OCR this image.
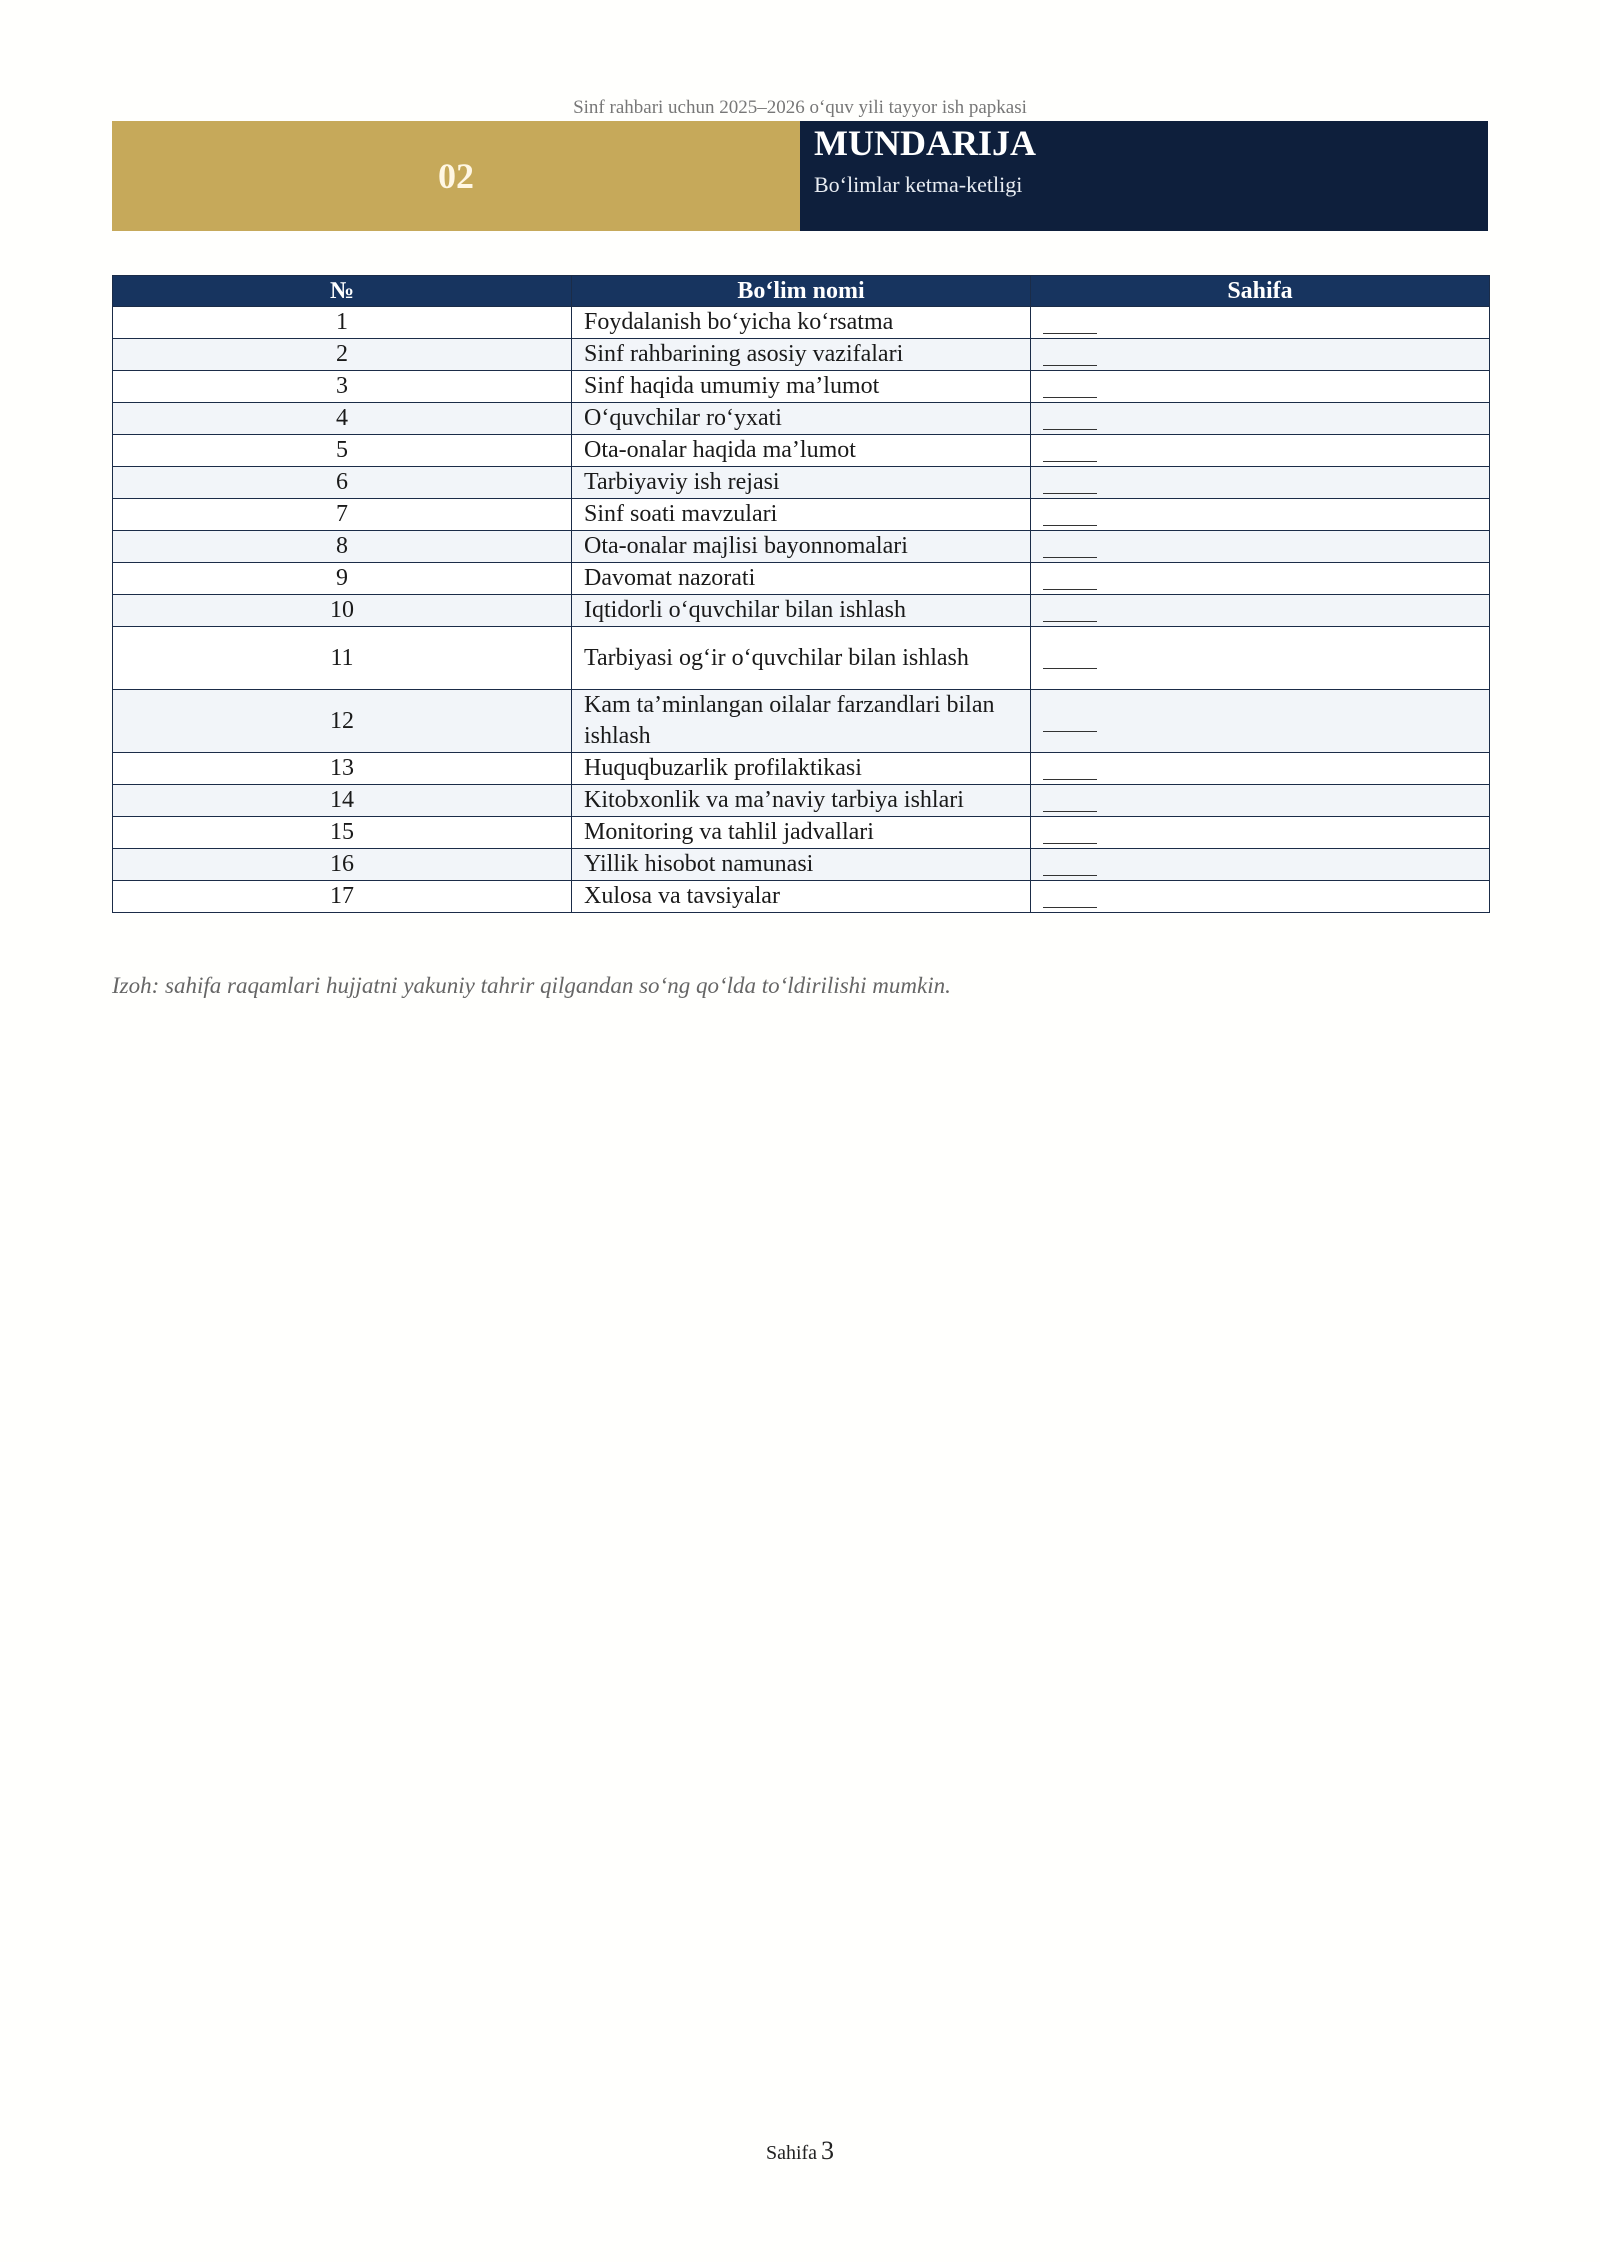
Sinf rahbari uchun 2025–2026 o‘quv yili tayyor ish papkasi
02
MUNDARIJA
Bo‘limlar ketma-ketligi
№	Bo‘lim nomi	Sahifa
1	Foydalanish bo‘yicha ko‘rsatma	
2	Sinf rahbarining asosiy vazifalari	
3	Sinf haqida umumiy ma’lumot	
4	O‘quvchilar ro‘yxati	
5	Ota-onalar haqida ma’lumot	
6	Tarbiyaviy ish rejasi	
7	Sinf soati mavzulari	
8	Ota-onalar majlisi bayonnomalari	
9	Davomat nazorati	
10	Iqtidorli o‘quvchilar bilan ishlash	
11	Tarbiyasi og‘ir o‘quvchilar bilan ishlash	
12	Kam ta’minlangan oilalar farzandlari bilan ishlash	
13	Huquqbuzarlik profilaktikasi	
14	Kitobxonlik va ma’naviy tarbiya ishlari	
15	Monitoring va tahlil jadvallari	
16	Yillik hisobot namunasi	
17	Xulosa va tavsiyalar	
Izoh: sahifa raqamlari hujjatni yakuniy tahrir qilgandan so‘ng qo‘lda to‘ldirilishi mumkin.
Sahifa 3
